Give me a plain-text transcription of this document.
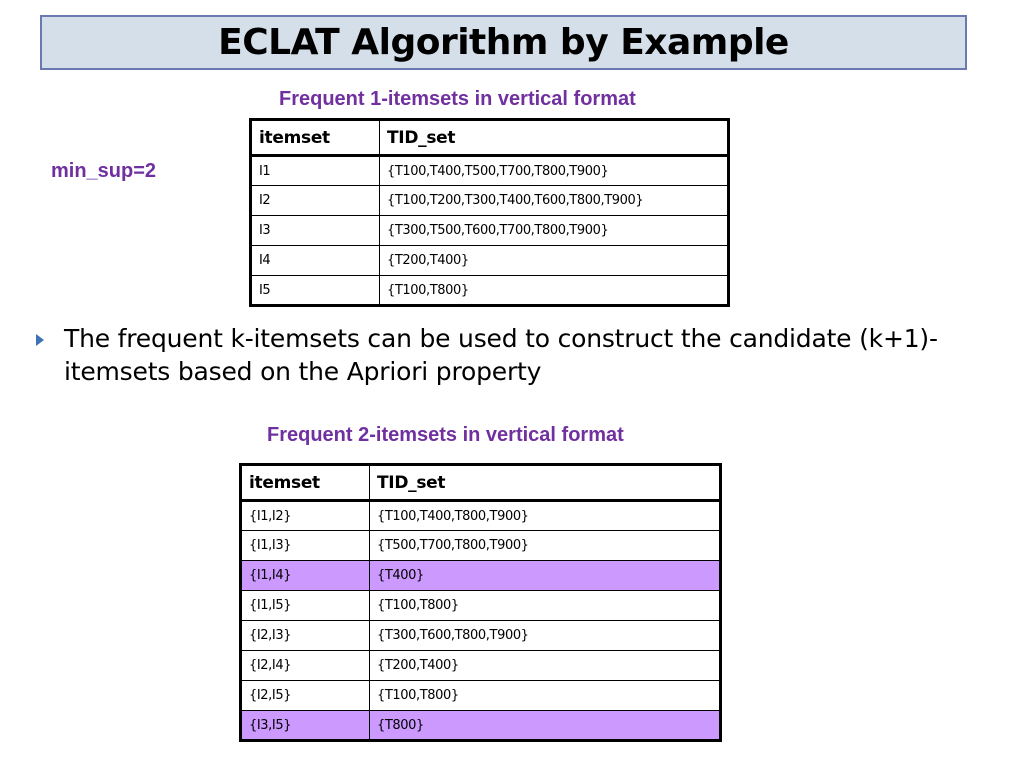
ECLAT Algorithm by Example
Frequent 1-itemsets in vertical format
min_sup=2
itemset	TID_set
I1	{T100,T400,T500,T700,T800,T900}
I2	{T100,T200,T300,T400,T600,T800,T900}
I3	{T300,T500,T600,T700,T800,T900}
I4	{T200,T400}
I5	{T100,T800}
The frequent k-itemsets can be used to construct the candidate (k+1)-itemsets based on the Apriori property
Frequent 2-itemsets in vertical format
itemset	TID_set
{I1,I2}	{T100,T400,T800,T900}
{I1,I3}	{T500,T700,T800,T900}
{I1,I4}	{T400}
{I1,I5}	{T100,T800}
{I2,I3}	{T300,T600,T800,T900}
{I2,I4}	{T200,T400}
{I2,I5}	{T100,T800}
{I3,I5}	{T800}
